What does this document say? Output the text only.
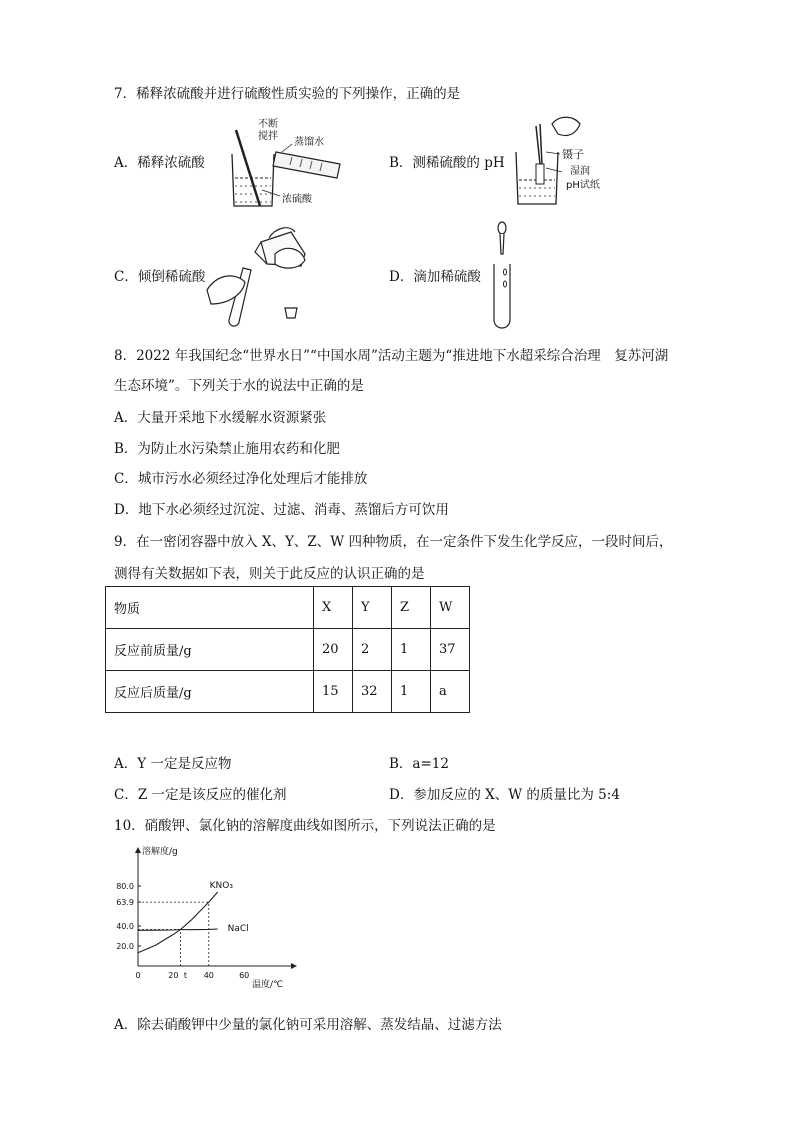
7．稀释浓硫酸并进行硫酸性质实验的下列操作，正确的是
A．稀释浓硫酸	B．测稀硫酸的 pH
C．倾倒稀硫酸	D．滴加稀硫酸
不断
搅拌
蒸馏水
浓硫酸
镊子
湿润
pH试纸
8．2022 年我国纪念“世界水日”“中国水周”活动主题为“推进地下水超采综合治理　复苏河湖
生态环境”。下列关于水的说法中正确的是
A．大量开采地下水缓解水资源紧张
B．为防止水污染禁止施用农药和化肥
C．城市污水必须经过净化处理后才能排放
D．地下水必须经过沉淀、过滤、消毒、蒸馏后方可饮用
9．在一密闭容器中放入 X、Y、Z、W 四种物质，在一定条件下发生化学反应，一段时间后，
测得有关数据如下表，则关于此反应的认识正确的是
物质	X	Y	Z	W
反应前质量/g	20	2	1	37
反应后质量/g	15	32	1	a
A．Y 一定是反应物	B．a=12
C．Z 一定是该反应的催化剂	D．参加反应的 X、W 的质量比为 5:4
10．硝酸钾、氯化钠的溶解度曲线如图所示，下列说法正确的是
溶解度/g
温度/℃
80.0
63.9
40.0
20.0
0	20 t 40	60
KNO₃
NaCl
A．除去硝酸钾中少量的氯化钠可采用溶解、蒸发结晶、过滤方法
